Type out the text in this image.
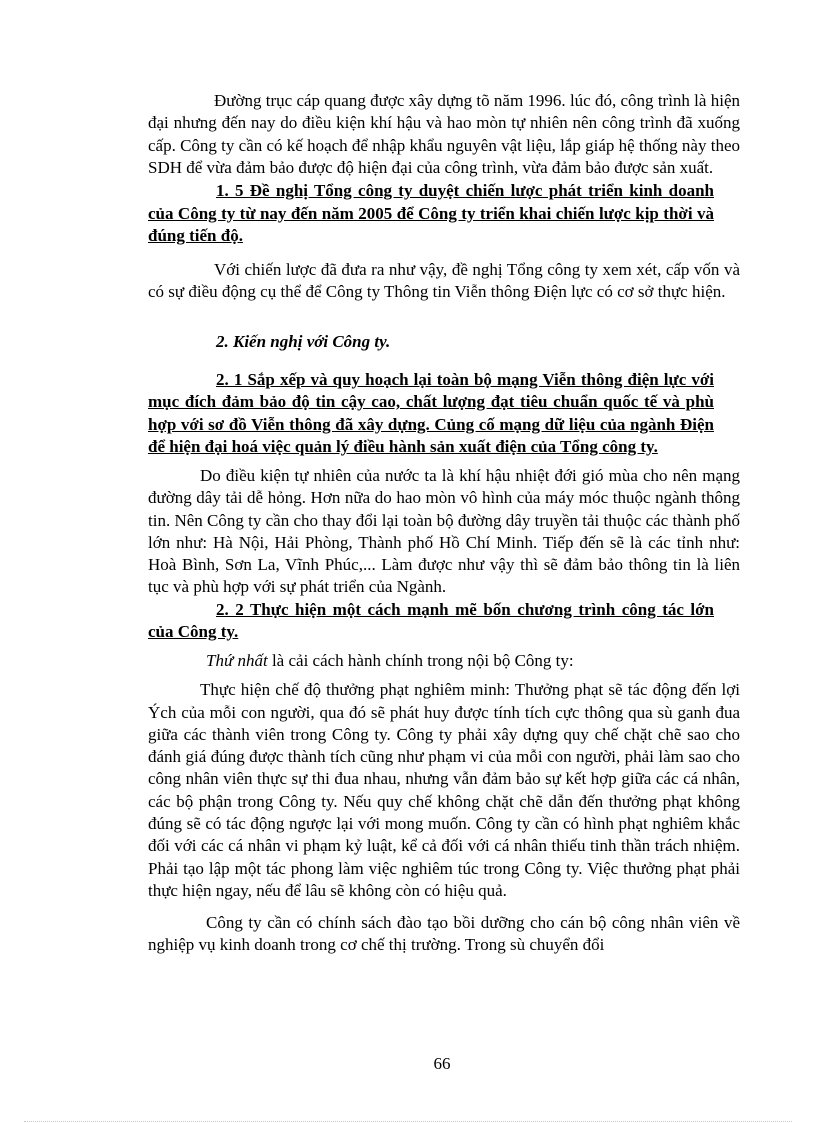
Đường trục cáp quang được xây dựng tõ năm 1996. lúc đó, công trình là hiện đại nhưng đến nay do điều kiện khí hậu và hao mòn tự nhiên nên công trình đã xuống cấp. Công ty cần có kế hoạch để nhập khẩu nguyên vật liệu, lắp giáp hệ thống này theo SDH để vừa đảm bảo được độ hiện đại của công trình, vừa đảm bảo được sản xuất.

1. 5 Đề nghị Tổng công ty duyệt chiến lược phát triển kinh doanh của Công ty từ nay đến năm 2005 để Công ty triển khai chiến lược kịp thời và đúng tiến độ.

Với chiến lược đã đưa ra như vậy, đề nghị Tổng công ty xem xét, cấp vốn và có sự điều động cụ thể để Công ty Thông tin Viễn thông Điện lực có cơ sở thực hiện.

2. Kiến nghị với Công ty.

2. 1 Sắp xếp và quy hoạch lại toàn bộ mạng Viễn thông điện lực với mục đích đảm bảo độ tin cậy cao, chất lượng đạt tiêu chuẩn quốc tế và phù hợp với sơ đồ Viễn thông đã xây dựng. Củng cố mạng dữ liệu của ngành Điện để hiện đại hoá việc quản lý điều hành sản xuất điện của Tổng công ty.

Do điều kiện tự nhiên của nước ta là khí hậu nhiệt đới gió mùa cho nên mạng đường dây tải dễ hỏng. Hơn nữa do hao mòn vô hình của máy móc thuộc ngành thông tin. Nên Công ty cần cho thay đổi lại toàn bộ đường dây truyền tải thuộc các thành phố lớn như: Hà Nội, Hải Phòng, Thành phố Hồ Chí Minh. Tiếp đến sẽ là các tỉnh như: Hoà Bình, Sơn La, Vĩnh Phúc,... Làm được như vậy thì sẽ đảm bảo thông tin là liên tục và phù hợp với sự phát triển của Ngành.

2. 2 Thực hiện một cách mạnh mẽ bốn chương trình công tác lớn của Công ty.

Thứ nhất là cải cách hành chính trong nội bộ Công ty:

Thực hiện chế độ thưởng phạt nghiêm minh: Thưởng phạt sẽ tác động đến lợi Ých của mỗi con người, qua đó sẽ phát huy được tính tích cực thông qua sù ganh đua giữa các thành viên trong Công ty. Công ty phải xây dựng quy chế chặt chẽ sao cho đánh giá đúng được thành tích cũng như phạm vi của mỗi con người, phải làm sao cho công nhân viên thực sự thi đua nhau, nhưng vẫn đảm bảo sự kết hợp giữa các cá nhân, các bộ phận trong Công ty. Nếu quy chế không chặt chẽ dẫn đến thưởng phạt không đúng sẽ có tác động ngược lại với mong muốn. Công ty cần có hình phạt nghiêm khắc đối với các cá nhân vi phạm kỷ luật, kể cả đối với cá nhân thiếu tinh thần trách nhiệm. Phải tạo lập một tác phong làm việc nghiêm túc trong Công ty. Việc thưởng phạt phải thực hiện ngay, nếu để lâu sẽ không còn có hiệu quả.

Công ty cần có chính sách đào tạo bồi dưỡng cho cán bộ công nhân viên về nghiệp vụ kinh doanh trong cơ chế thị trường. Trong sù chuyển đổi

66
